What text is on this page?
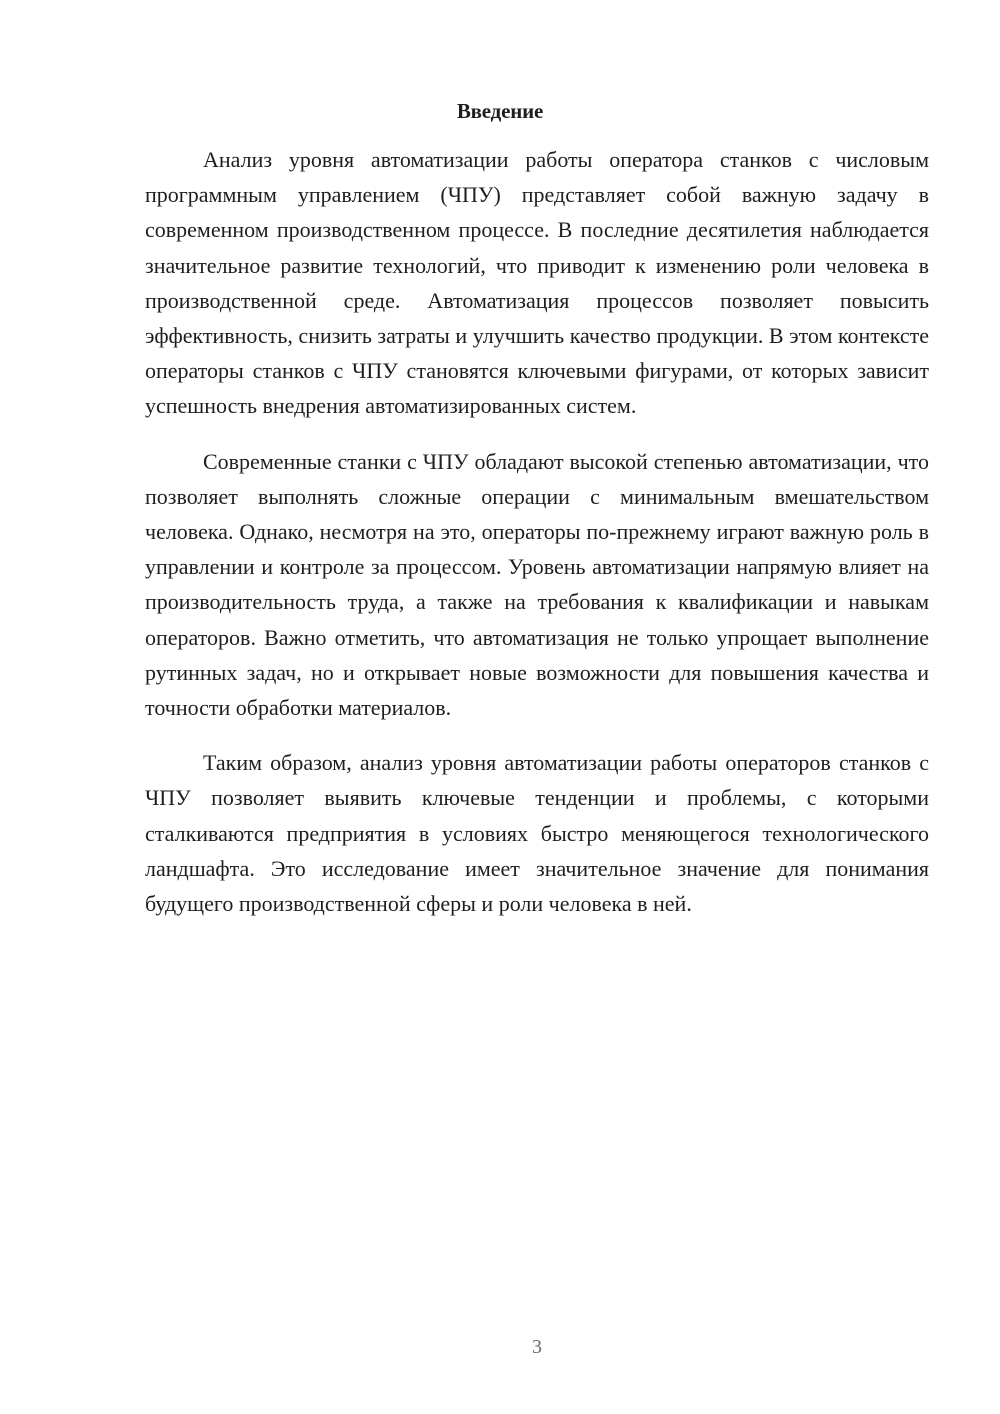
Введение

Анализ уровня автоматизации работы оператора станков с числовым программным управлением (ЧПУ) представляет собой важную задачу в современном производственном процессе. В последние десятилетия наблюдается значительное развитие технологий, что приводит к изменению роли человека в производственной среде. Автоматизация процессов позволяет повысить эффективность, снизить затраты и улучшить качество продукции. В этом контексте операторы станков с ЧПУ становятся ключевыми фигурами, от которых зависит успешность внедрения автоматизированных систем.

Современные станки с ЧПУ обладают высокой степенью автоматизации, что позволяет выполнять сложные операции с минимальным вмешательством человека. Однако, несмотря на это, операторы по-прежнему играют важную роль в управлении и контроле за процессом. Уровень автоматизации напрямую влияет на производительность труда, а также на требования к квалификации и навыкам операторов. Важно отметить, что автоматизация не только упрощает выполнение рутинных задач, но и открывает новые возможности для повышения качества и точности обработки материалов.

Таким образом, анализ уровня автоматизации работы операторов станков с ЧПУ позволяет выявить ключевые тенденции и проблемы, с которыми сталкиваются предприятия в условиях быстро меняющегося технологического ландшафта. Это исследование имеет значительное значение для понимания будущего производственной сферы и роли человека в ней.

3
